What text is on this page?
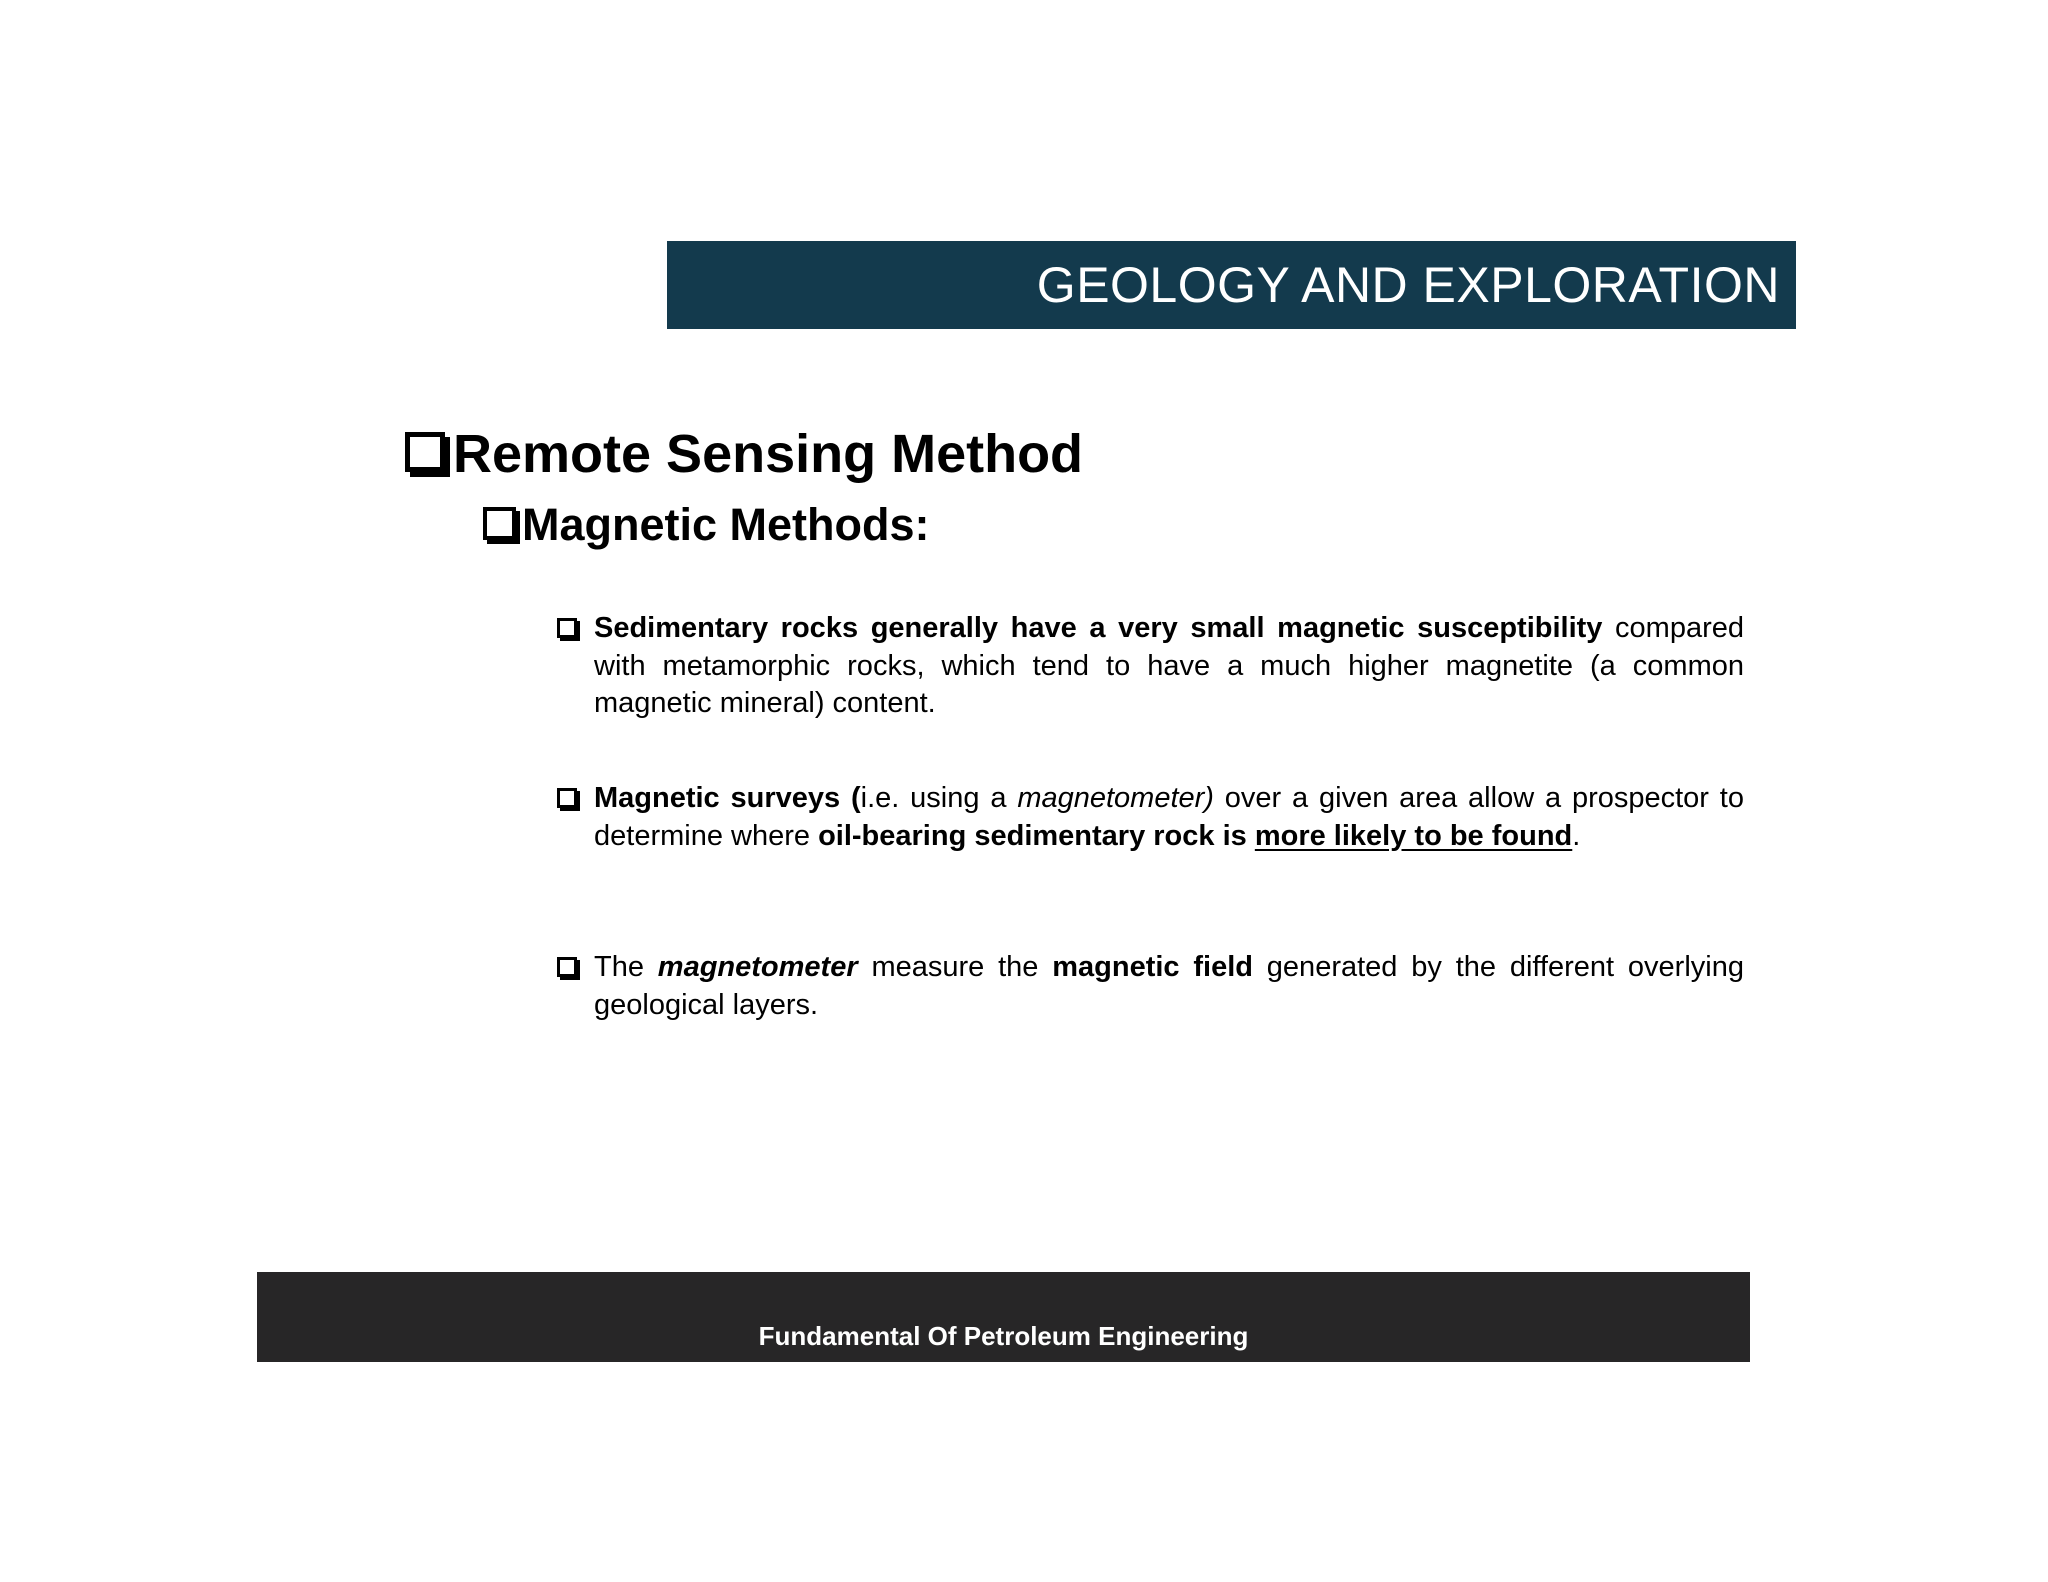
GEOLOGY AND EXPLORATION
Remote Sensing Method
Magnetic Methods:

Sedimentary rocks generally have a very small magnetic susceptibility compared with metamorphic rocks, which tend to have a much higher magnetite (a common magnetic mineral) content.

Magnetic surveys (i.e. using a magnetometer) over a given area allow a prospector to determine where oil-bearing sedimentary rock is more likely to be found.

The magnetometer measure the magnetic field generated by the different overlying geological layers.

Fundamental Of Petroleum Engineering
